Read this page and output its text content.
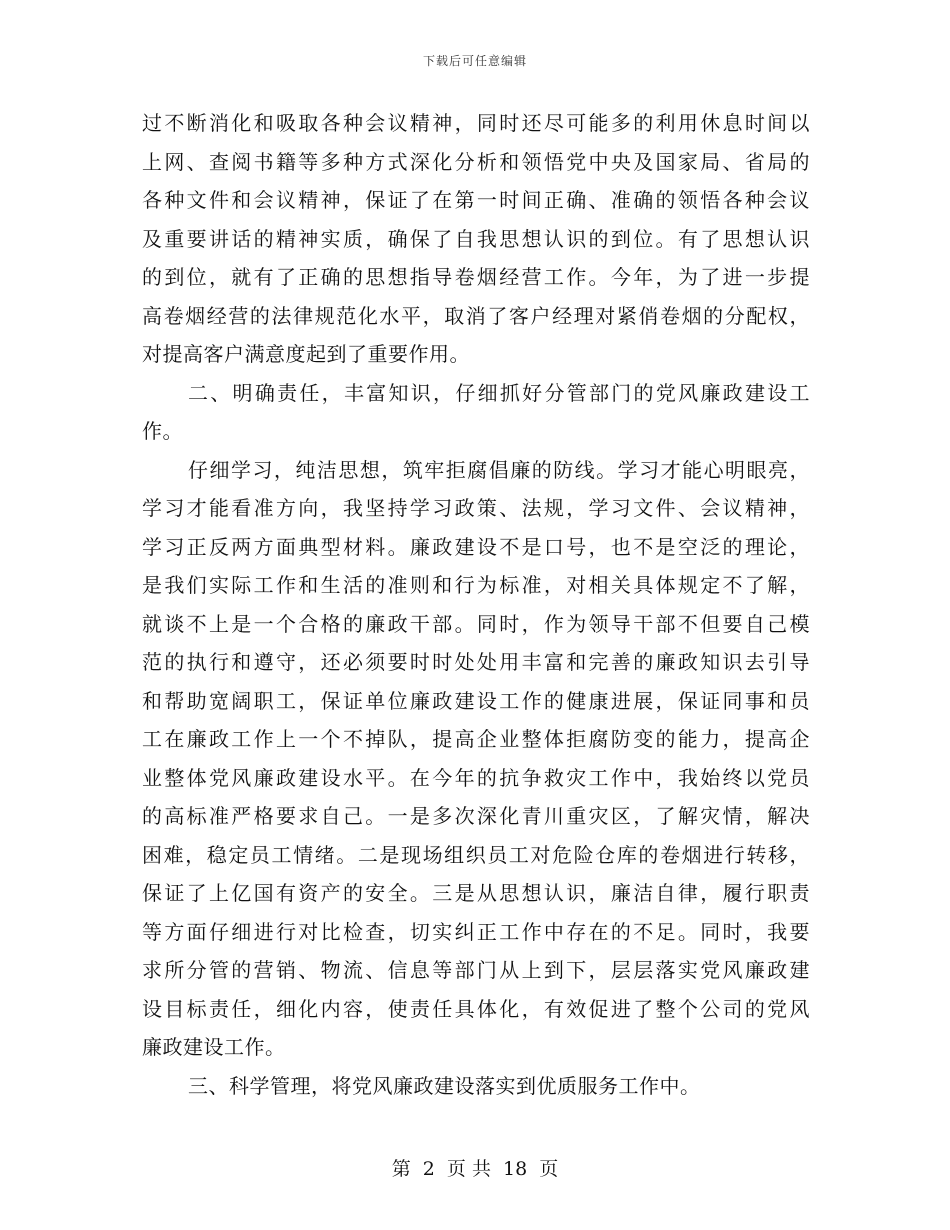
下载后可任意编辑
过不断消化和吸取各种会议精神，同时还尽可能多的利用休息时间以
上网、查阅书籍等多种方式深化分析和领悟党中央及国家局、省局的
各种文件和会议精神，保证了在第一时间正确、准确的领悟各种会议
及重要讲话的精神实质，确保了自我思想认识的到位。有了思想认识
的到位，就有了正确的思想指导卷烟经营工作。今年，为了进一步提
高卷烟经营的法律规范化水平，取消了客户经理对紧俏卷烟的分配权，
对提高客户满意度起到了重要作用。
二、明确责任，丰富知识，仔细抓好分管部门的党风廉政建设工
作。
仔细学习，纯洁思想，筑牢拒腐倡廉的防线。学习才能心明眼亮，
学习才能看准方向，我坚持学习政策、法规，学习文件、会议精神，
学习正反两方面典型材料。廉政建设不是口号，也不是空泛的理论，
是我们实际工作和生活的准则和行为标准，对相关具体规定不了解，
就谈不上是一个合格的廉政干部。同时，作为领导干部不但要自己模
范的执行和遵守，还必须要时时处处用丰富和完善的廉政知识去引导
和帮助宽阔职工，保证单位廉政建设工作的健康进展，保证同事和员
工在廉政工作上一个不掉队，提高企业整体拒腐防变的能力，提高企
业整体党风廉政建设水平。在今年的抗争救灾工作中，我始终以党员
的高标准严格要求自己。一是多次深化青川重灾区，了解灾情，解决
困难，稳定员工情绪。二是现场组织员工对危险仓库的卷烟进行转移，
保证了上亿国有资产的安全。三是从思想认识，廉洁自律，履行职责
等方面仔细进行对比检查，切实纠正工作中存在的不足。同时，我要
求所分管的营销、物流、信息等部门从上到下，层层落实党风廉政建
设目标责任，细化内容，使责任具体化，有效促进了整个公司的党风
廉政建设工作。
三、科学管理，将党风廉政建设落实到优质服务工作中。
第 2 页 共 18 页
